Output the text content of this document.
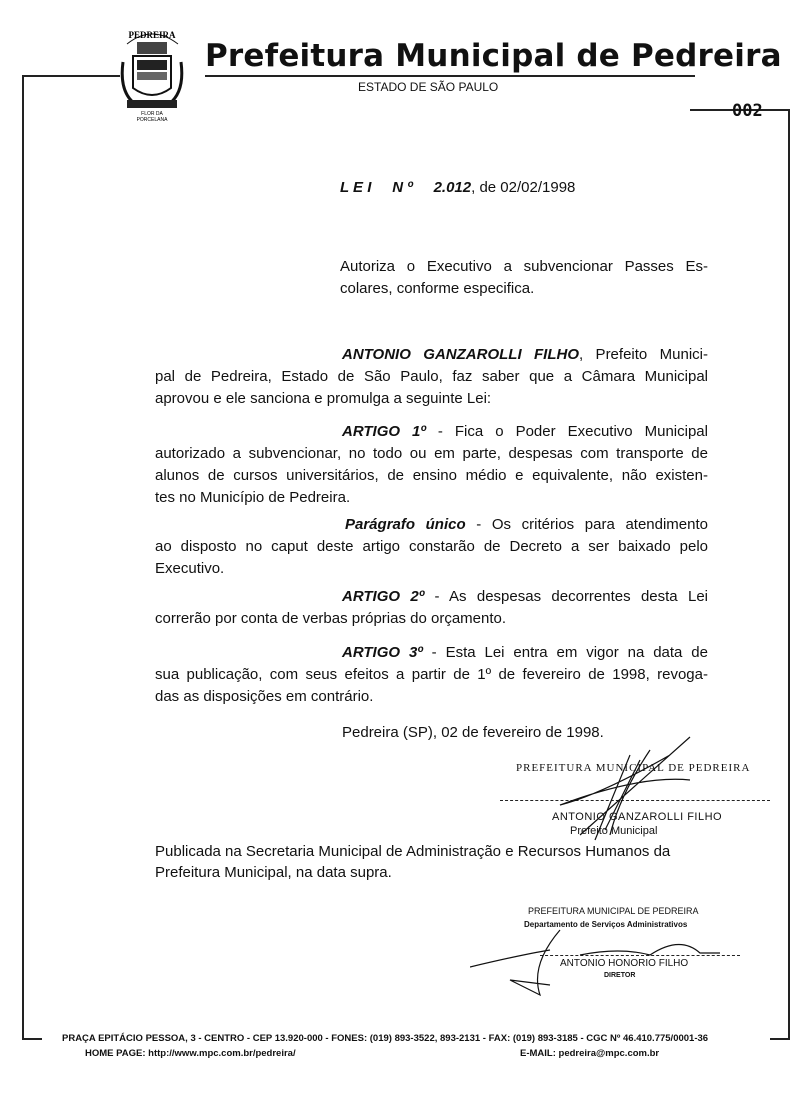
PEDREIRA
FLOR DA
PORCELANA
Prefeitura Municipal de Pedreira
ESTADO DE SÃO PAULO
002
L E I N º 2.012, de 02/02/1998
Autoriza o Executivo a subvencionar Passes Es-
colares, conforme especifica.
ANTONIO GANZAROLLI FILHO, Prefeito Munici-
pal de Pedreira, Estado de São Paulo, faz saber que a Câmara Municipal
aprovou e ele sanciona e promulga a seguinte Lei:
ARTIGO 1º - Fica o Poder Executivo Municipal
autorizado a subvencionar, no todo ou em parte, despesas com transporte de
alunos de cursos universitários, de ensino médio e equivalente, não existen-
tes no Município de Pedreira.
Parágrafo único - Os critérios para atendimento
ao disposto no caput deste artigo constarão de Decreto a ser baixado pelo
Executivo.
ARTIGO 2º - As despesas decorrentes desta Lei
correrão por conta de verbas próprias do orçamento.
ARTIGO 3º - Esta Lei entra em vigor na data de
sua publicação, com seus efeitos a partir de 1º de fevereiro de 1998, revoga-
das as disposições em contrário.
Pedreira (SP), 02 de fevereiro de 1998.
PREFEITURA MUNICIPAL DE PEDREIRA
ANTONIO GANZAROLLI FILHO
Prefeito Municipal
Publicada na Secretaria Municipal de Administração e Recursos Humanos da
Prefeitura Municipal, na data supra.
PREFEITURA MUNICIPAL DE PEDREIRA
Departamento de Serviços Administrativos
ANTONIO HONORIO FILHO
DIRETOR
PRAÇA EPITÁCIO PESSOA, 3 - CENTRO - CEP 13.920-000 - FONES: (019) 893-3522, 893-2131 - FAX: (019) 893-3185 - CGC Nº 46.410.775/0001-36
HOME PAGE: http://www.mpc.com.br/pedreira/	E-MAIL: pedreira@mpc.com.br
